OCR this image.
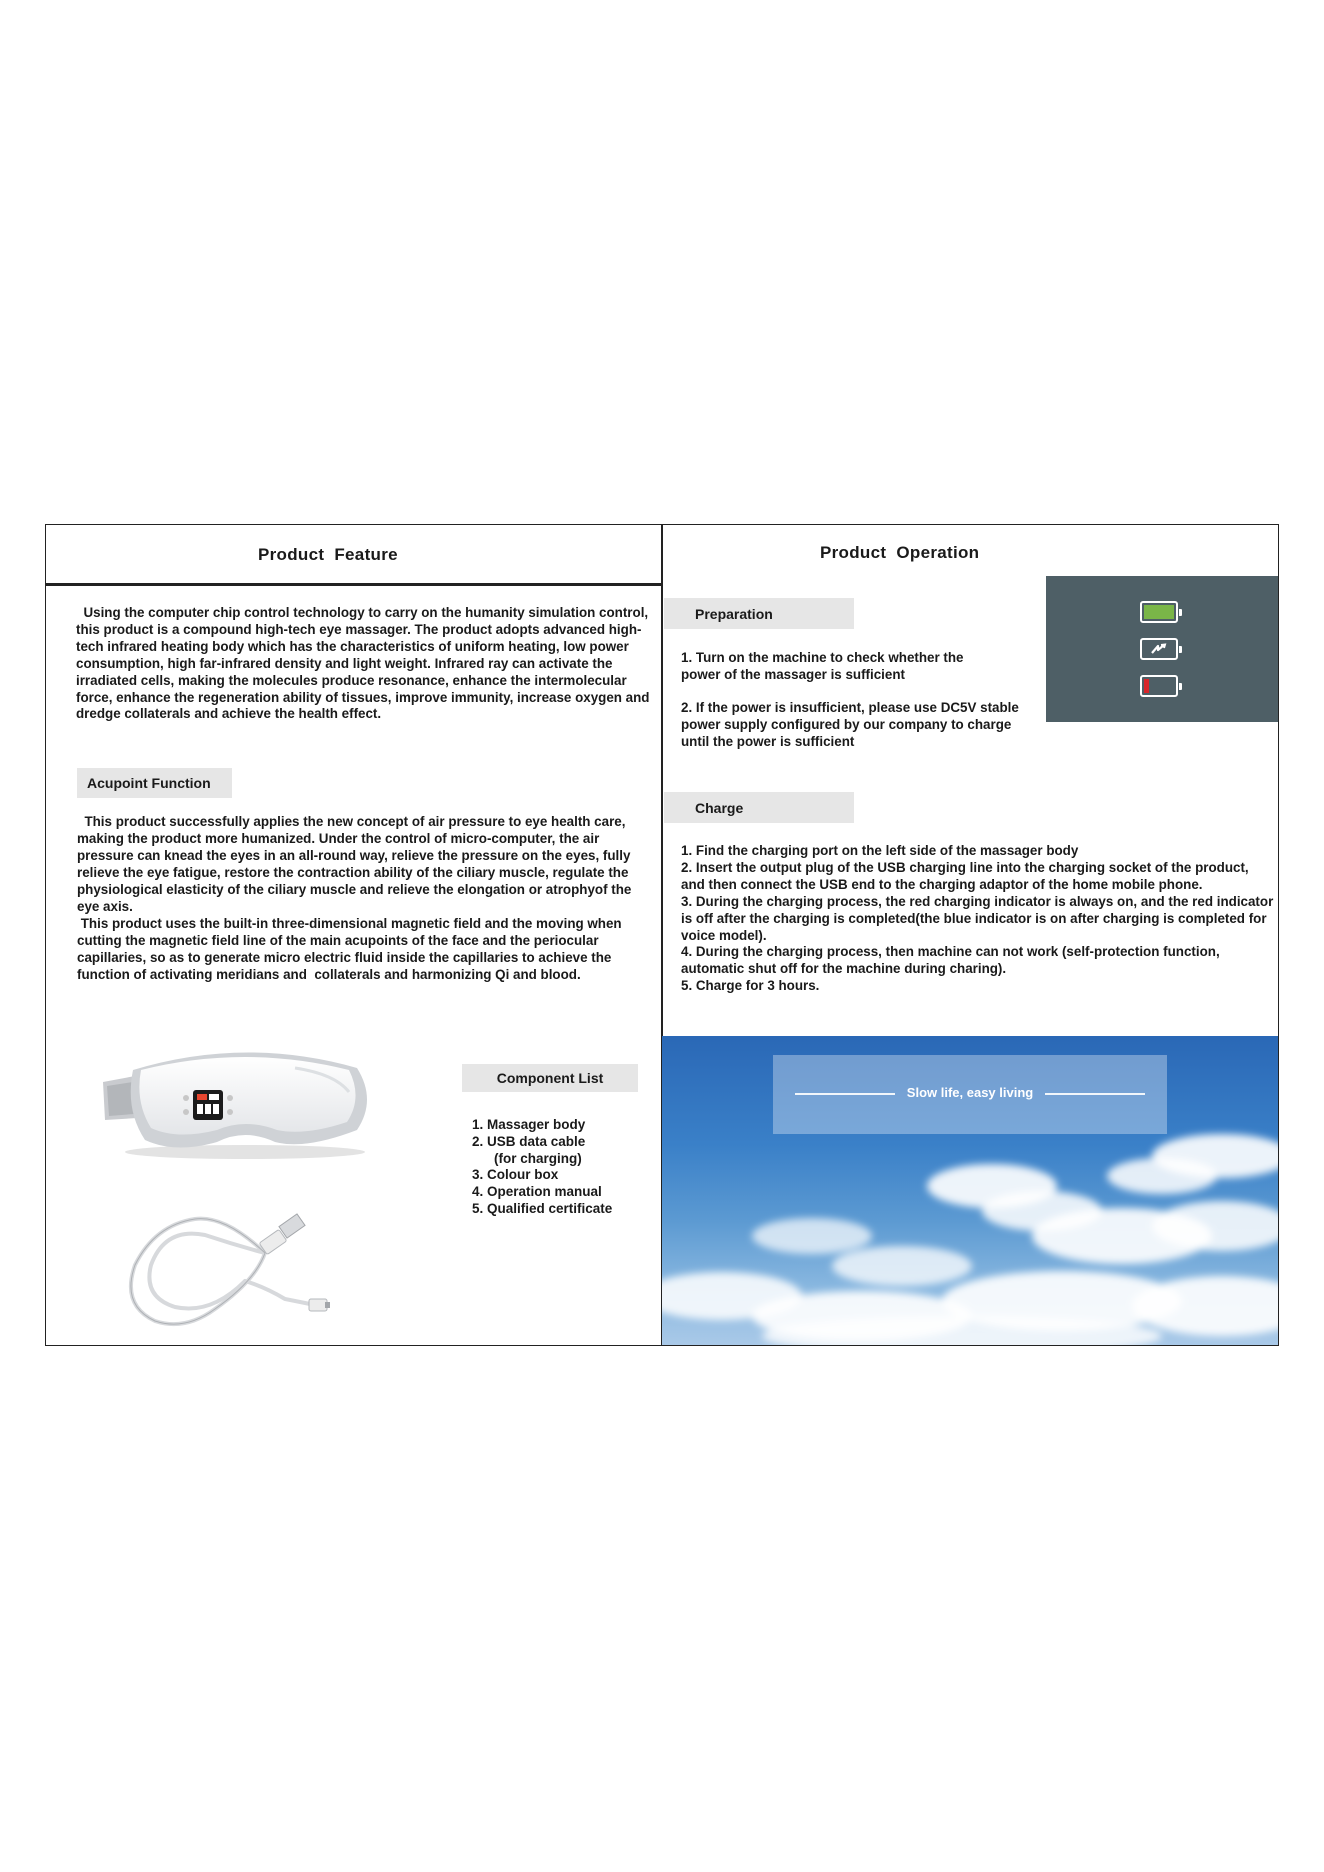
Product  Feature

Using the computer chip control technology to carry on the humanity simulation control, this product is a compound high-tech eye massager. The product adopts advanced high-tech infrared heating body which has the characteristics of uniform heating, low power consumption, high far-infrared density and light weight. Infrared ray can activate the irradiated cells, making the molecules produce resonance, enhance the intermolecular  force, enhance the regeneration ability of tissues, improve immunity, increase oxygen and dredge collaterals and achieve the health effect.

Acupoint Function

This product successfully applies the new concept of air pressure to eye health care, making the product more humanized. Under the control of micro-computer, the air pressure can knead the eyes in an all-round way, relieve the pressure on the eyes, fully relieve the eye fatigue, restore the contraction ability of the ciliary muscle, regulate the physiological elasticity of the ciliary muscle and relieve the elongation or atrophyof the eye axis.

This product uses the built-in three-dimensional magnetic field and the moving when cutting the magnetic field line of the main acupoints of the face and the periocular capillaries, so as to generate micro electric fluid inside the capillaries to achieve the function of activating meridians and  collaterals and harmonizing Qi and blood.

Component List
1. Massager body
2. USB data cable
(for charging)
3. Colour box
4. Operation manual
5. Qualified certificate
Product  Operation
Preparation

1. Turn on the machine to check whether the power of the massager is sufficient

2. If the power is insufficient, please use DC5V stable power supply configured by our company to charge until the power is sufficient

Charge
1. Find the charging port on the left side of the massager body
2. Insert the output plug of the USB charging line into the charging socket of the product, and then connect the USB end to the charging adaptor of the home mobile phone.
3. During the charging process, the red charging indicator is always on, and the red indicator is off after the charging is completed(the blue indicator is on after charging is completed for voice model).
4. During the charging process, then machine can not work (self-protection function, automatic shut off for the machine during charing).
5. Charge for 3 hours.
Slow life, easy living
